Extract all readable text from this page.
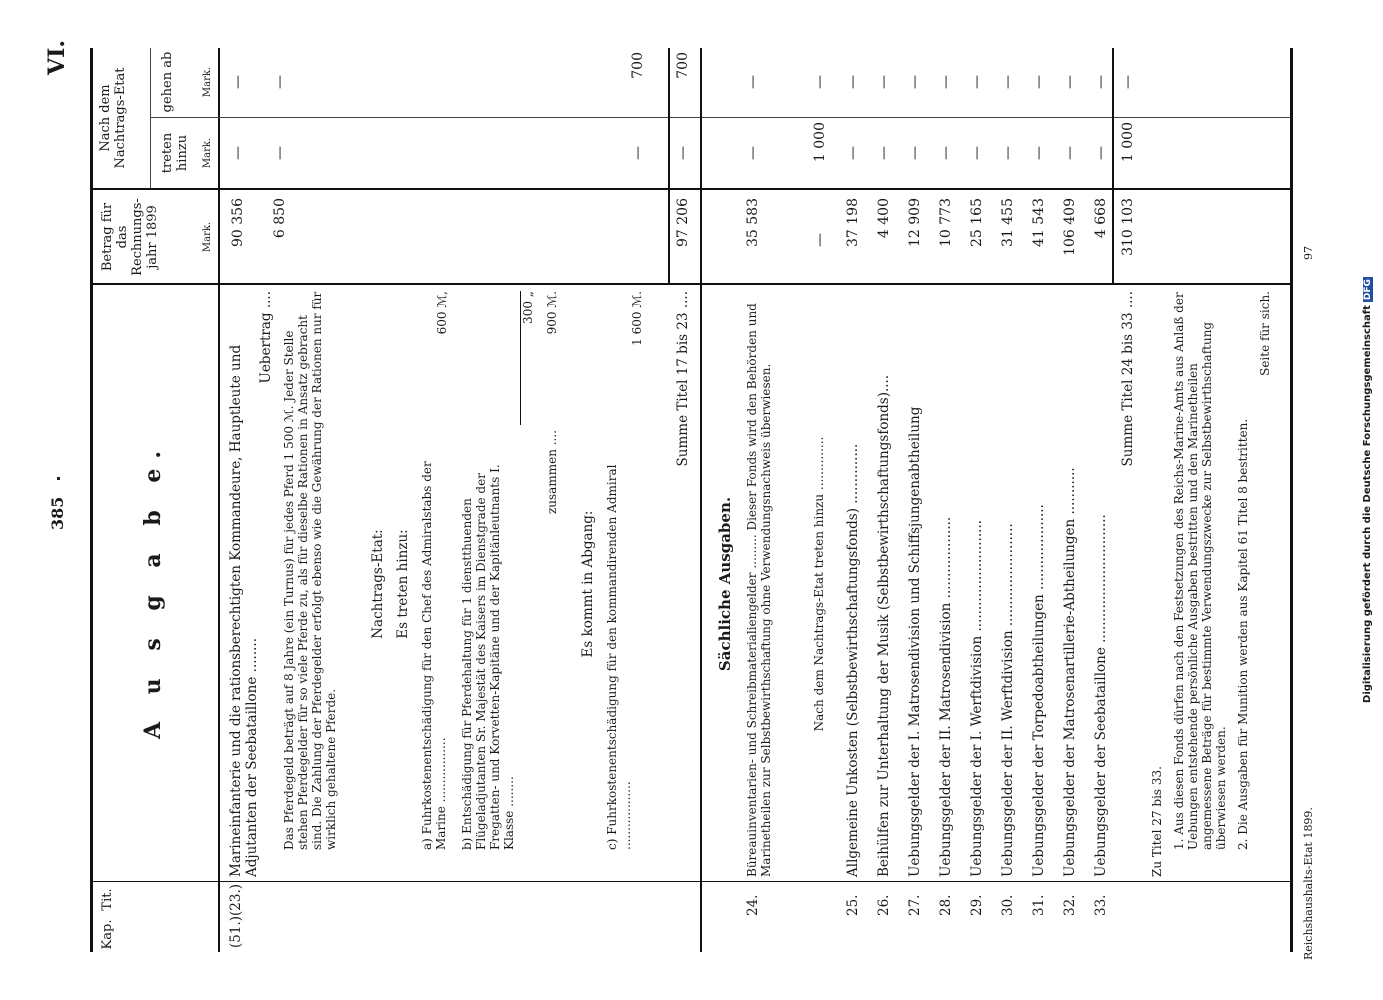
385
VI.
Kap.
Tit.
A u s g a b e.
Betrag für das Rechnungs- jahr 1899	Mark.
Nach dem Nachtrags-Etat treten hinzu Mark.
gehen ab	Mark.
(51.)
(23.)
Marineinfanterie und die rationsberechtigten Kommandeure, Hauptleute und Adjutanten der Seebataillone ........
Uebertrag ....
90 356
—
—
Das Pferdegeld beträgt auf 8 Jahre (ein Turnus) für jedes Pferd 1 500 ℳ. Jeder Stelle stehen Pferdegelder für so viele Pferde zu, als für dieselbe Rationen in Ansatz gebracht sind. Die Zahlung der Pferdegelder erfolgt ebenso wie die Gewährung der Rationen nur für wirklich gehaltene Pferde.
6 850
—
—
Nachtrags-Etat: Es treten hinzu: a) Fuhrkostenentschädigung für den Chef des Admiralstabs der Marine .................
600 ℳ,
b) Entschädigung für Pferdehaltung für 1 dienstthuenden Flügeladjutanten Sr. Majestät des Kaisers im Dienstgrade der Fregatten- und Korvetten-Kapitäne und der Kapitänleutnants I. Klasse ........
300 „
zusammen ....
900 ℳ.
Es kommt in Abgang: c) Fuhrkostenentschädigung für den kommandirenden Admiral ..................
1 600 ℳ.
—
700
Summe Titel 17 bis 23 ....
97 206
—
700
Sächliche Ausgaben.
24.
Büreauinventarien- und Schreibmaterialiengelder ......... Dieser Fonds wird den Behörden und Marinetheilen zur Selbstbewirthschaftung ohne Verwendungsnachweis überwiesen.
35 583
—
—
Nach dem Nachtrags-Etat treten hinzu ..............
—
1 000
—
25.
Allgemeine Unkosten (Selbstbewirthschaftungsfonds) ..............
37 198
—
—
26.
Beihülfen zur Unterhaltung der Musik (Selbstbewirthschaftungsfonds)....
4 400
—
—
27.
Uebungsgelder der I. Matrosendivision und Schiffsjungenabtheilung
12 909
—
—
28.
Uebungsgelder der II. Matrosendivision ...................
10 773
—
—
29.
Uebungsgelder der I. Werftdivision ..........................
25 165
—
—
30.
Uebungsgelder der II. Werftdivision ........................
31 455
—
—
31.
Uebungsgelder der Torpedoabtheilungen ....................
41 543
—
—
32.
Uebungsgelder der Matrosenartillerie-Abtheilungen ...........
106 409
—
—
33.
Uebungsgelder der Seebataillone ..............................
4 668
—
—
Summe Titel 24 bis 33 ....
310 103
1 000
—
Zu Titel 27 bis 33. 1. Aus diesen Fonds dürfen nach den Festsetzungen des Reichs-Marine-Amts aus Anlaß der Uebungen entstehende persönliche Ausgaben bestritten und den Marinetheilen angemessene Beträge für bestimmte Verwendungszwecke zur Selbstbewirthschaftung überwiesen werden. 2. Die Ausgaben für Munition werden aus Kapitel 61 Titel 8 bestritten.
Seite für sich.
Reichshaushalts-Etat 1899.
97
Digitalisierung gefördert durch die Deutsche ForschungsgemeinschaftDFG
